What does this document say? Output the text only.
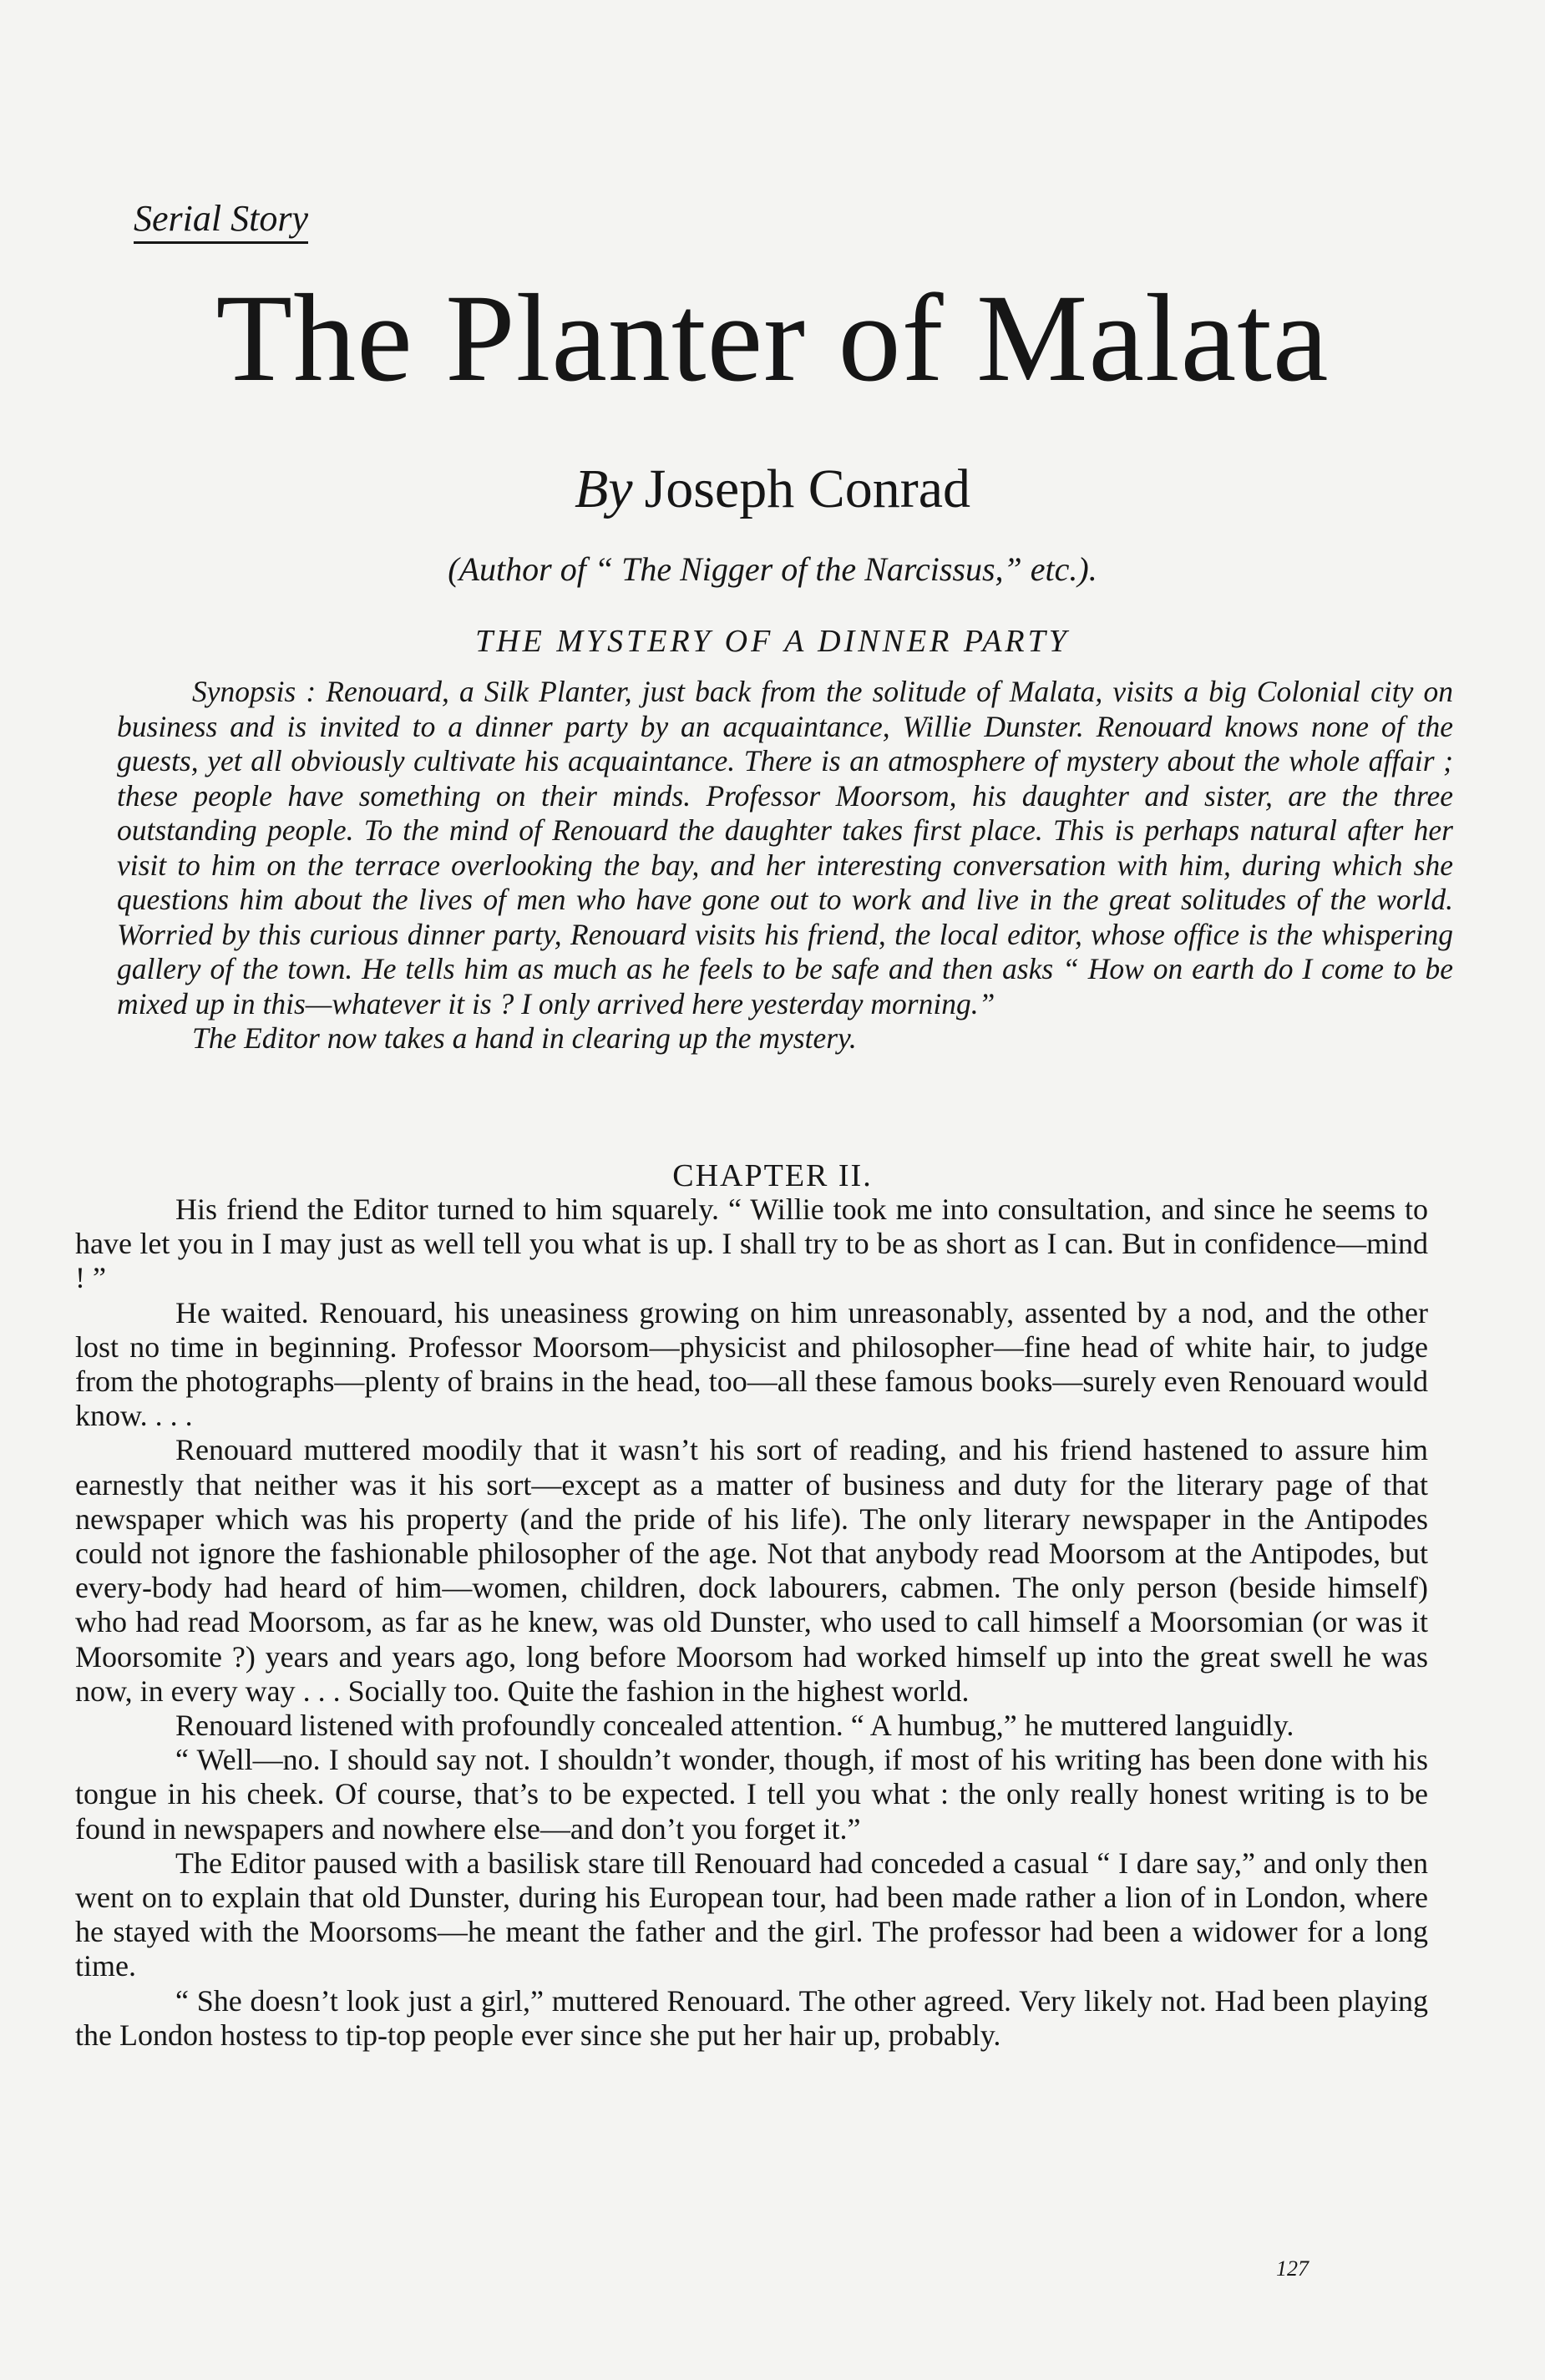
Serial Story
The Planter of Malata
By Joseph Conrad
(Author of “ The Nigger of the Narcissus,” etc.).
THE MYSTERY OF A DINNER PARTY

Synopsis : Renouard, a Silk Planter, just back from the solitude of Malata, visits a big Colonial city on business and is invited to a dinner party by an acquaintance, Willie Dunster. Renouard knows none of the guests, yet all obviously cultivate his acquaintance. There is an atmosphere of mystery about the whole affair ; these people have something on their minds. Professor Moorsom, his daughter and sister, are the three outstanding people. To the mind of Renouard the daughter takes first place. This is perhaps natural after her visit to him on the terrace overlooking the bay, and her interesting conversation with him, during which she questions him about the lives of men who have gone out to work and live in the great solitudes of the world. Worried by this curious dinner party, Renouard visits his friend, the local editor, whose office is the whispering gallery of the town. He tells him as much as he feels to be safe and then asks “ How on earth do I come to be mixed up in this—whatever it is ? I only arrived here yesterday morning.”

The Editor now takes a hand in clearing up the mystery.

CHAPTER II.

His friend the Editor turned to him squarely. “ Willie took me into consultation, and since he seems to have let you in I may just as well tell you what is up. I shall try to be as short as I can. But in confidence—mind ! ”

He waited. Renouard, his uneasiness growing on him unreasonably, assented by a nod, and the other lost no time in beginning. Professor Moorsom—physicist and philosopher—fine head of white hair, to judge from the photographs—plenty of brains in the head, too—all these famous books—surely even Renouard would know. . . .

Renouard muttered moodily that it wasn’t his sort of reading, and his friend hastened to assure him earnestly that neither was it his sort—except as a matter of business and duty for the literary page of that newspaper which was his property (and the pride of his life). The only literary newspaper in the Antipodes could not ignore the fashionable philosopher of the age. Not that anybody read Moorsom at the Antipodes, but every-body had heard of him—women, children, dock labourers, cabmen. The only person (beside himself) who had read Moorsom, as far as he knew, was old Dunster, who used to call himself a Moorsomian (or was it Moorsomite ?) years and years ago, long before Moorsom had worked himself up into the great swell he was now, in every way . . . Socially too. Quite the fashion in the highest world.

Renouard listened with profoundly concealed attention. “ A humbug,” he muttered languidly.

“ Well—no. I should say not. I shouldn’t wonder, though, if most of his writing has been done with his tongue in his cheek. Of course, that’s to be expected. I tell you what : the only really honest writing is to be found in newspapers and nowhere else—and don’t you forget it.”

The Editor paused with a basilisk stare till Renouard had conceded a casual “ I dare say,” and only then went on to explain that old Dunster, during his European tour, had been made rather a lion of in London, where he stayed with the Moorsoms—he meant the father and the girl. The professor had been a widower for a long time.

“ She doesn’t look just a girl,” muttered Renouard. The other agreed. Very likely not. Had been playing the London hostess to tip-top people ever since she put her hair up, probably.

127
